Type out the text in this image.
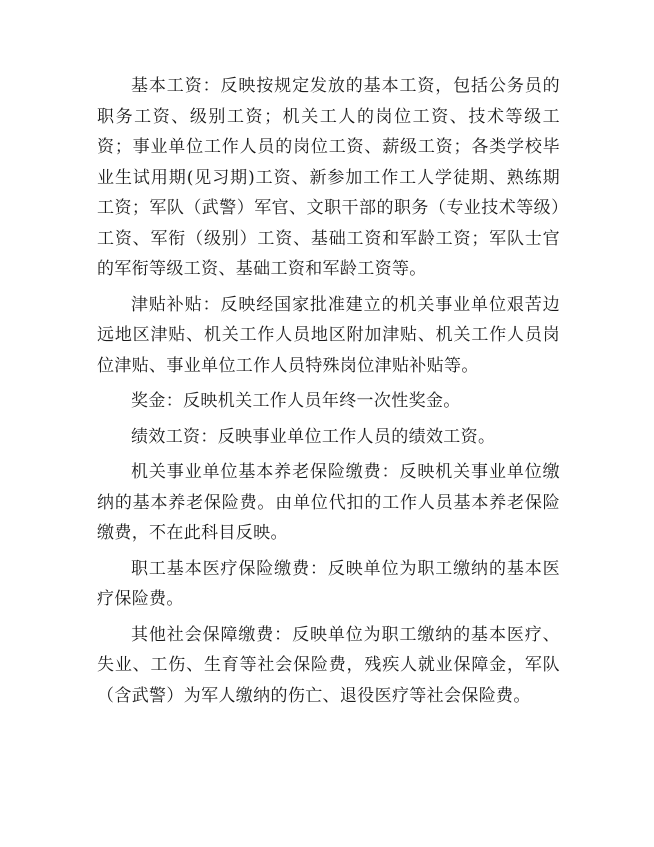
基本工资：反映按规定发放的基本工资，包括公务员的职务工资、级别工资；机关工人的岗位工资、技术等级工资；事业单位工作人员的岗位工资、薪级工资；各类学校毕业生试用期(见习期)工资、新参加工作工人学徒期、熟练期工资；军队（武警）军官、文职干部的职务（专业技术等级）工资、军衔（级别）工资、基础工资和军龄工资；军队士官的军衔等级工资、基础工资和军龄工资等。

津贴补贴：反映经国家批准建立的机关事业单位艰苦边远地区津贴、机关工作人员地区附加津贴、机关工作人员岗位津贴、事业单位工作人员特殊岗位津贴补贴等。

奖金：反映机关工作人员年终一次性奖金。

绩效工资：反映事业单位工作人员的绩效工资。

机关事业单位基本养老保险缴费：反映机关事业单位缴纳的基本养老保险费。由单位代扣的工作人员基本养老保险缴费，不在此科目反映。

职工基本医疗保险缴费：反映单位为职工缴纳的基本医疗保险费。

其他社会保障缴费：反映单位为职工缴纳的基本医疗、失业、工伤、生育等社会保险费，残疾人就业保障金，军队（含武警）为军人缴纳的伤亡、退役医疗等社会保险费。
